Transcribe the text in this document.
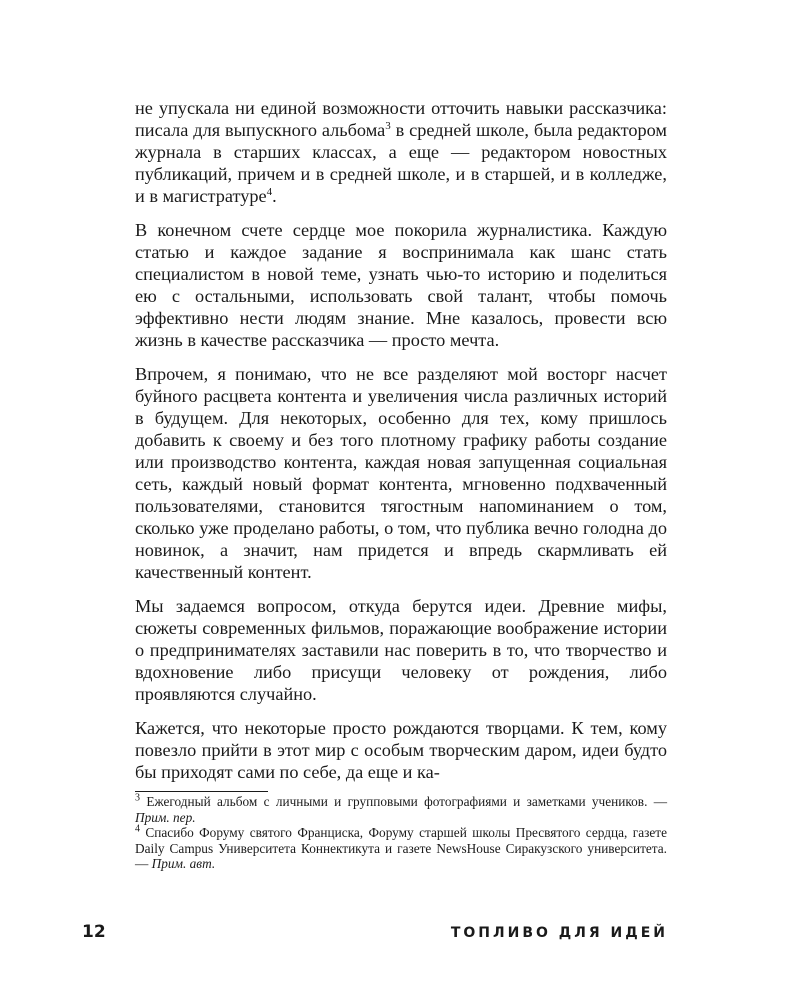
не упускала ни единой возможности отточить навыки рассказчика: писала для выпускного альбома$^3$ в средней школе, была редактором журнала в старших классах, а еще — редактором новостных публикаций, причем и в средней школе, и в старшей, и в колледже, и в магистратуре$^4$.

В конечном счете сердце мое покорила журналистика. Каждую статью и каждое задание я воспринимала как шанс стать специалистом в новой теме, узнать чью-то историю и поделиться ею с остальными, использовать свой талант, чтобы помочь эффективно нести людям знание. Мне казалось, провести всю жизнь в качестве рассказчика — просто мечта.

Впрочем, я понимаю, что не все разделяют мой восторг насчет буйного расцвета контента и увеличения числа различных историй в будущем. Для некоторых, особенно для тех, кому пришлось добавить к своему и без того плотному графику работы создание или производство контента, каждая новая запущенная социальная сеть, каждый новый формат контента, мгновенно подхваченный пользователями, становится тягостным напоминанием о том, сколько уже проделано работы, о том, что публика вечно голодна до новинок, а значит, нам придется и впредь скармливать ей качественный контент.

Мы задаемся вопросом, откуда берутся идеи. Древние мифы, сюжеты современных фильмов, поражающие воображение истории о предпринимателях заставили нас поверить в то, что творчество и вдохновение либо присущи человеку от рождения, либо проявляются случайно.

Кажется, что некоторые просто рождаются творцами. К тем, кому повезло прийти в этот мир с особым творческим даром, идеи будто бы приходят сами по себе, да еще и ка-

$^3$ Ежегодный альбом с личными и групповыми фотографиями и заметками учеников. — Прим. пер.

$^4$ Спасибо Форуму святого Франциска, Форуму старшей школы Пресвятого сердца, газете Daily Campus Университета Коннектикута и газете NewsHouse Сиракузского университета. — Прим. авт.

12	ТОПЛИВО ДЛЯ ИДЕЙ
